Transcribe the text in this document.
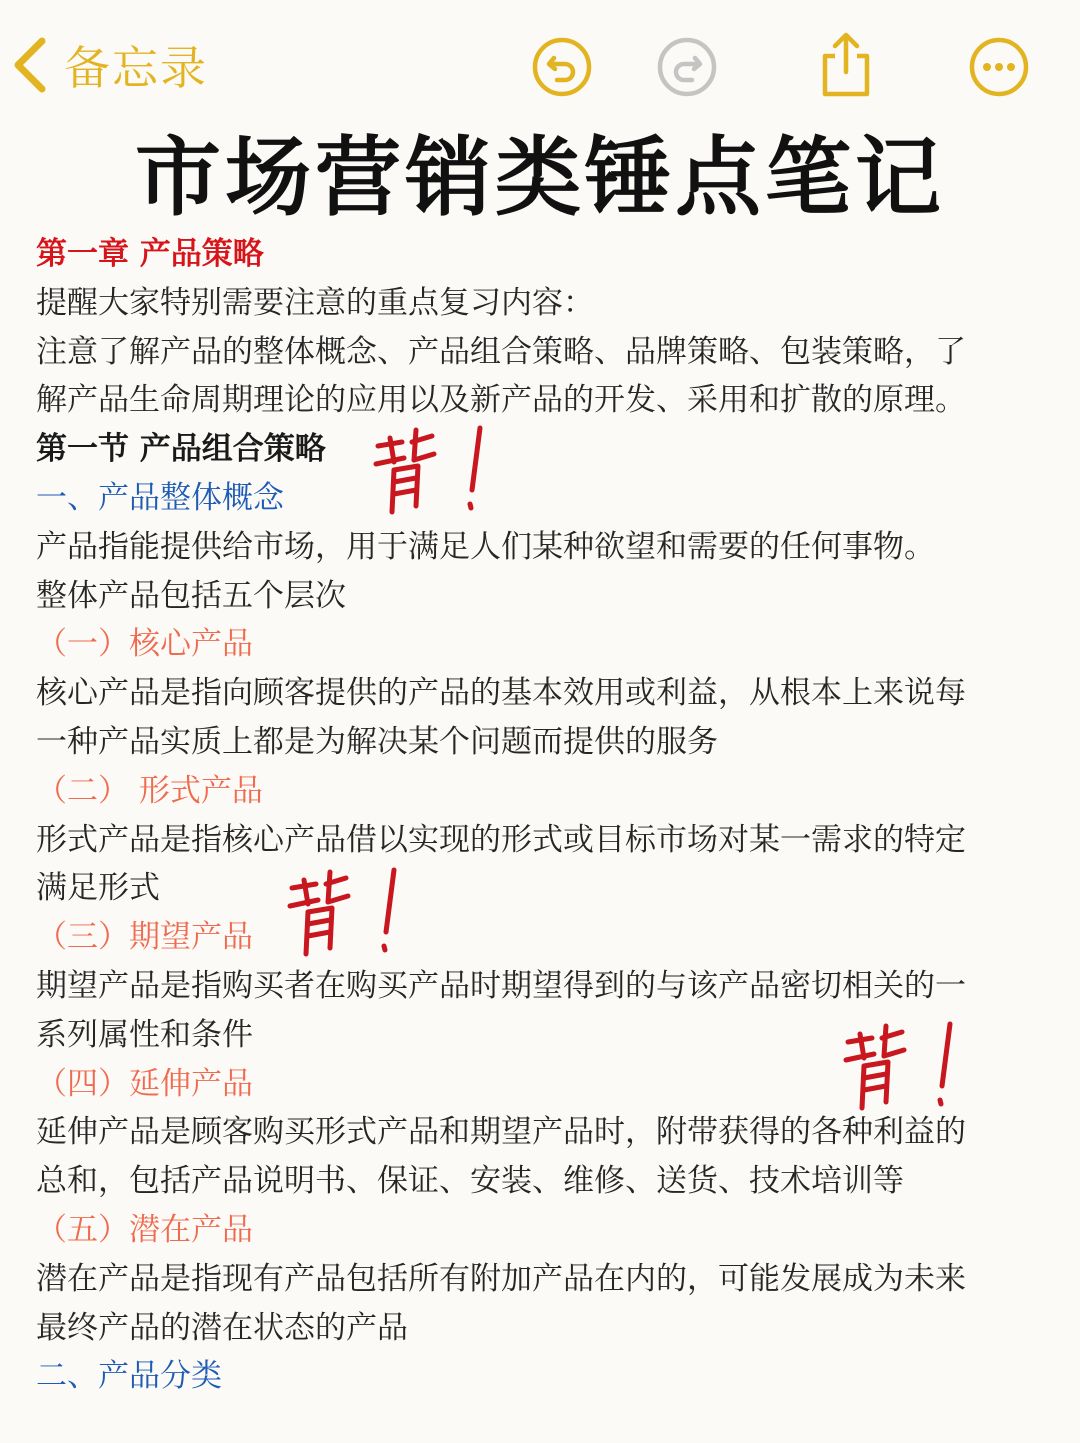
备忘录
市场营销类锤点笔记

第一章 产品策略

提醒大家特别需要注意的重点复习内容：

注意了解产品的整体概念、产品组合策略、品牌策略、包装策略，了

解产品生命周期理论的应用以及新产品的开发、采用和扩散的原理。

第一节 产品组合策略

一、产品整体概念

产品指能提供给市场，用于满足人们某种欲望和需要的任何事物。

整体产品包括五个层次

（一）核心产品

核心产品是指向顾客提供的产品的基本效用或利益，从根本上来说每

一种产品实质上都是为解决某个问题而提供的服务

（二） 形式产品

形式产品是指核心产品借以实现的形式或目标市场对某一需求的特定

满足形式

（三）期望产品

期望产品是指购买者在购买产品时期望得到的与该产品密切相关的一

系列属性和条件

（四）延伸产品

延伸产品是顾客购买形式产品和期望产品时，附带获得的各种利益的

总和，包括产品说明书、保证、安装、维修、送货、技术培训等

（五）潜在产品

潜在产品是指现有产品包括所有附加产品在内的，可能发展成为未来

最终产品的潜在状态的产品

二、产品分类
